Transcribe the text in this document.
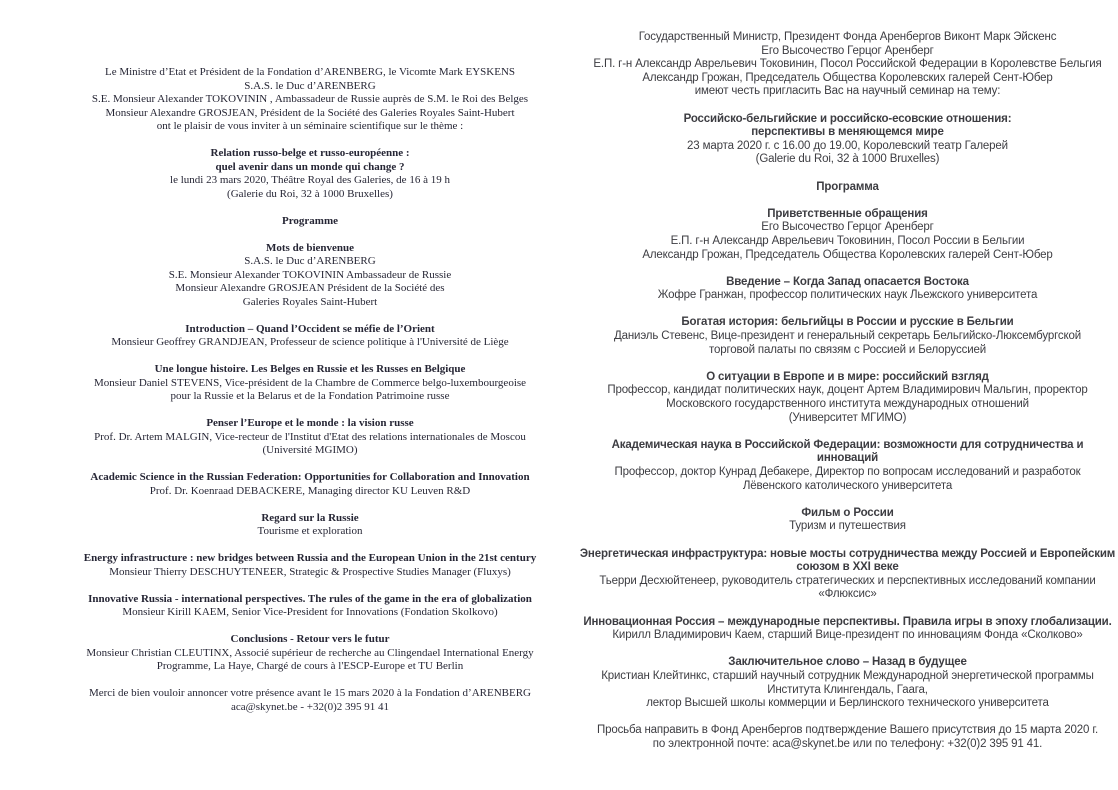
Le Ministre d’Etat et Président de la Fondation d’ARENBERG, le Vicomte Mark EYSKENS
S.A.S. le Duc d’ARENBERG
S.E. Monsieur Alexander TOKOVININ , Ambassadeur de Russie auprès de S.M. le Roi des Belges
Monsieur Alexandre GROSJEAN, Président de la Société des Galeries Royales Saint-Hubert
ont le plaisir de vous inviter à un séminaire scientifique sur le thème :
Relation russo-belge et russo-européenne :
quel avenir dans un monde qui change ?
le lundi 23 mars 2020, Théâtre Royal des Galeries, de 16 à 19 h
(Galerie du Roi, 32 à 1000 Bruxelles)
Programme
Mots de bienvenue
S.A.S. le Duc d’ARENBERG
S.E. Monsieur Alexander TOKOVININ Ambassadeur de Russie
Monsieur Alexandre GROSJEAN Président de la Société des
Galeries Royales Saint-Hubert
Introduction – Quand l’Occident se méfie de l’Orient
Monsieur Geoffrey GRANDJEAN, Professeur de science politique à l'Université de Liège
Une longue histoire. Les Belges en Russie et les Russes en Belgique
Monsieur Daniel STEVENS, Vice-président de la Chambre de Commerce belgo-luxembourgeoise
pour la Russie et la Belarus et de la Fondation Patrimoine russe
Penser l’Europe et le monde : la vision russe
Prof. Dr. Artem MALGIN, Vice-recteur de l'Institut d'Etat des relations internationales de Moscou
(Université MGIMO)
Academic Science in the Russian Federation: Opportunities for Collaboration and Innovation
Prof. Dr. Koenraad DEBACKERE, Managing director KU Leuven R&D
Regard sur la Russie
Tourisme et exploration
Energy infrastructure : new bridges between Russia and the European Union in the 21st century
Monsieur Thierry DESCHUYTENEER, Strategic & Prospective Studies Manager (Fluxys)
Innovative Russia - international perspectives. The rules of the game in the era of globalization
Monsieur Kirill KAEM, Senior Vice-President for Innovations (Fondation Skolkovo)
Conclusions - Retour vers le futur
Monsieur Christian CLEUTINX, Associé supérieur de recherche au Clingendael International Energy
Programme, La Haye, Chargé de cours à l'ESCP-Europe et TU Berlin
Merci de bien vouloir annoncer votre présence avant le 15 mars 2020 à la Fondation d’ARENBERG
aca@skynet.be - +32(0)2 395 91 41
Государственный Министр, Президент Фонда Аренбергов Виконт Марк Эйскенс
Его Высочество Герцог Аренберг
Е.П. г-н Александр Аврельевич Токовинин, Посол Российской Федерации в Королевстве Бельгия
Александр Грожан, Председатель Общества Королевских галерей Сент-Юбер
имеют честь пригласить Вас на научный семинар на тему:
Российско-бельгийские и российско-есовские отношения:
перспективы в меняющемся мире
23 марта 2020 г. с 16.00 до 19.00, Королевский театр Галерей
(Galerie du Roi, 32 à 1000 Bruxelles)
Программа
Приветственные обращения
Его Высочество Герцог Аренберг
Е.П. г-н Александр Аврельевич Токовинин, Посол России в Бельгии
Александр Грожан, Председатель Общества Королевских галерей Сент-Юбер
Введение – Когда Запад опасается Востока
Жофре Гранжан, профессор политических наук Льежского университета
Богатая история: бельгийцы в России и русские в Бельгии
Даниэль Стевенс, Вице-президент и генеральный секретарь Бельгийско-Люксембургской
торговой палаты по связям с Россией и Белоруссией
О ситуации в Европе и в мире: российский взгляд
Профессор, кандидат политических наук, доцент Артем Владимирович Мальгин, проректор
Московского государственного института международных отношений
(Университет МГИМО)
Академическая наука в Российской Федерации: возможности для сотрудничества и
инноваций
Профессор, доктор Кунрад Дебакере, Директор по вопросам исследований и разработок
Лёвенского католического университета
Фильм о России
Туризм и путешествия
Энергетическая инфраструктура: новые мосты сотрудничества между Россией и Европейским
союзом в XXI веке
Тьерри Десхюйтенеер, руководитель стратегических и перспективных исследований компании
«Флюксис»
Инновационная Россия – международные перспективы. Правила игры в эпоху глобализации.
Кирилл Владимирович Каем, старший Вице-президент по инновациям Фонда «Сколково»
Заключительное слово – Назад в будущее
Кристиан Клейтинкс, старший научный сотрудник Международной энергетической программы
Института Клингендаль, Гаага,
лектор Высшей школы коммерции и Берлинского технического университета
Просьба направить в Фонд Аренбергов подтверждение Вашего присутствия до 15 марта 2020 г.
по электронной почте: aca@skynet.be или по телефону: +32(0)2 395 91 41.
